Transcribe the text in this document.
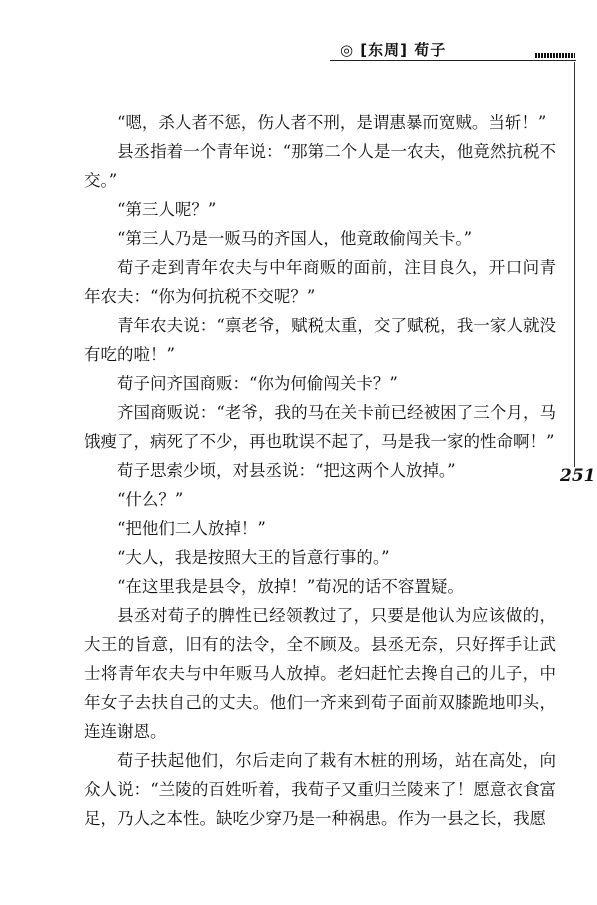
◎ [东周] 荀子
251

“嗯，杀人者不惩，伤人者不刑，是谓惠暴而宽贼。当斩！”

县丞指着一个青年说：“那第二个人是一农夫，他竟然抗税不交。”

“第三人呢？”

“第三人乃是一贩马的齐国人，他竟敢偷闯关卡。”

荀子走到青年农夫与中年商贩的面前，注目良久，开口问青年农夫：“你为何抗税不交呢？”

青年农夫说：“禀老爷，赋税太重，交了赋税，我一家人就没有吃的啦！”

荀子问齐国商贩：“你为何偷闯关卡？”

齐国商贩说：“老爷，我的马在关卡前已经被困了三个月，马饿瘦了，病死了不少，再也耽误不起了，马是我一家的性命啊！”

荀子思索少顷，对县丞说：“把这两个人放掉。”

“什么？”

“把他们二人放掉！”

“大人，我是按照大王的旨意行事的。”

“在这里我是县令，放掉！”荀况的话不容置疑。

县丞对荀子的脾性已经领教过了，只要是他认为应该做的，大王的旨意，旧有的法令，全不顾及。县丞无奈，只好挥手让武士将青年农夫与中年贩马人放掉。老妇赶忙去搀自己的儿子，中年女子去扶自己的丈夫。他们一齐来到荀子面前双膝跪地叩头，连连谢恩。

荀子扶起他们，尔后走向了栽有木桩的刑场，站在高处，向众人说：“兰陵的百姓听着，我荀子又重归兰陵来了！愿意衣食富足，乃人之本性。缺吃少穿乃是一种祸患。作为一县之长，我愿
